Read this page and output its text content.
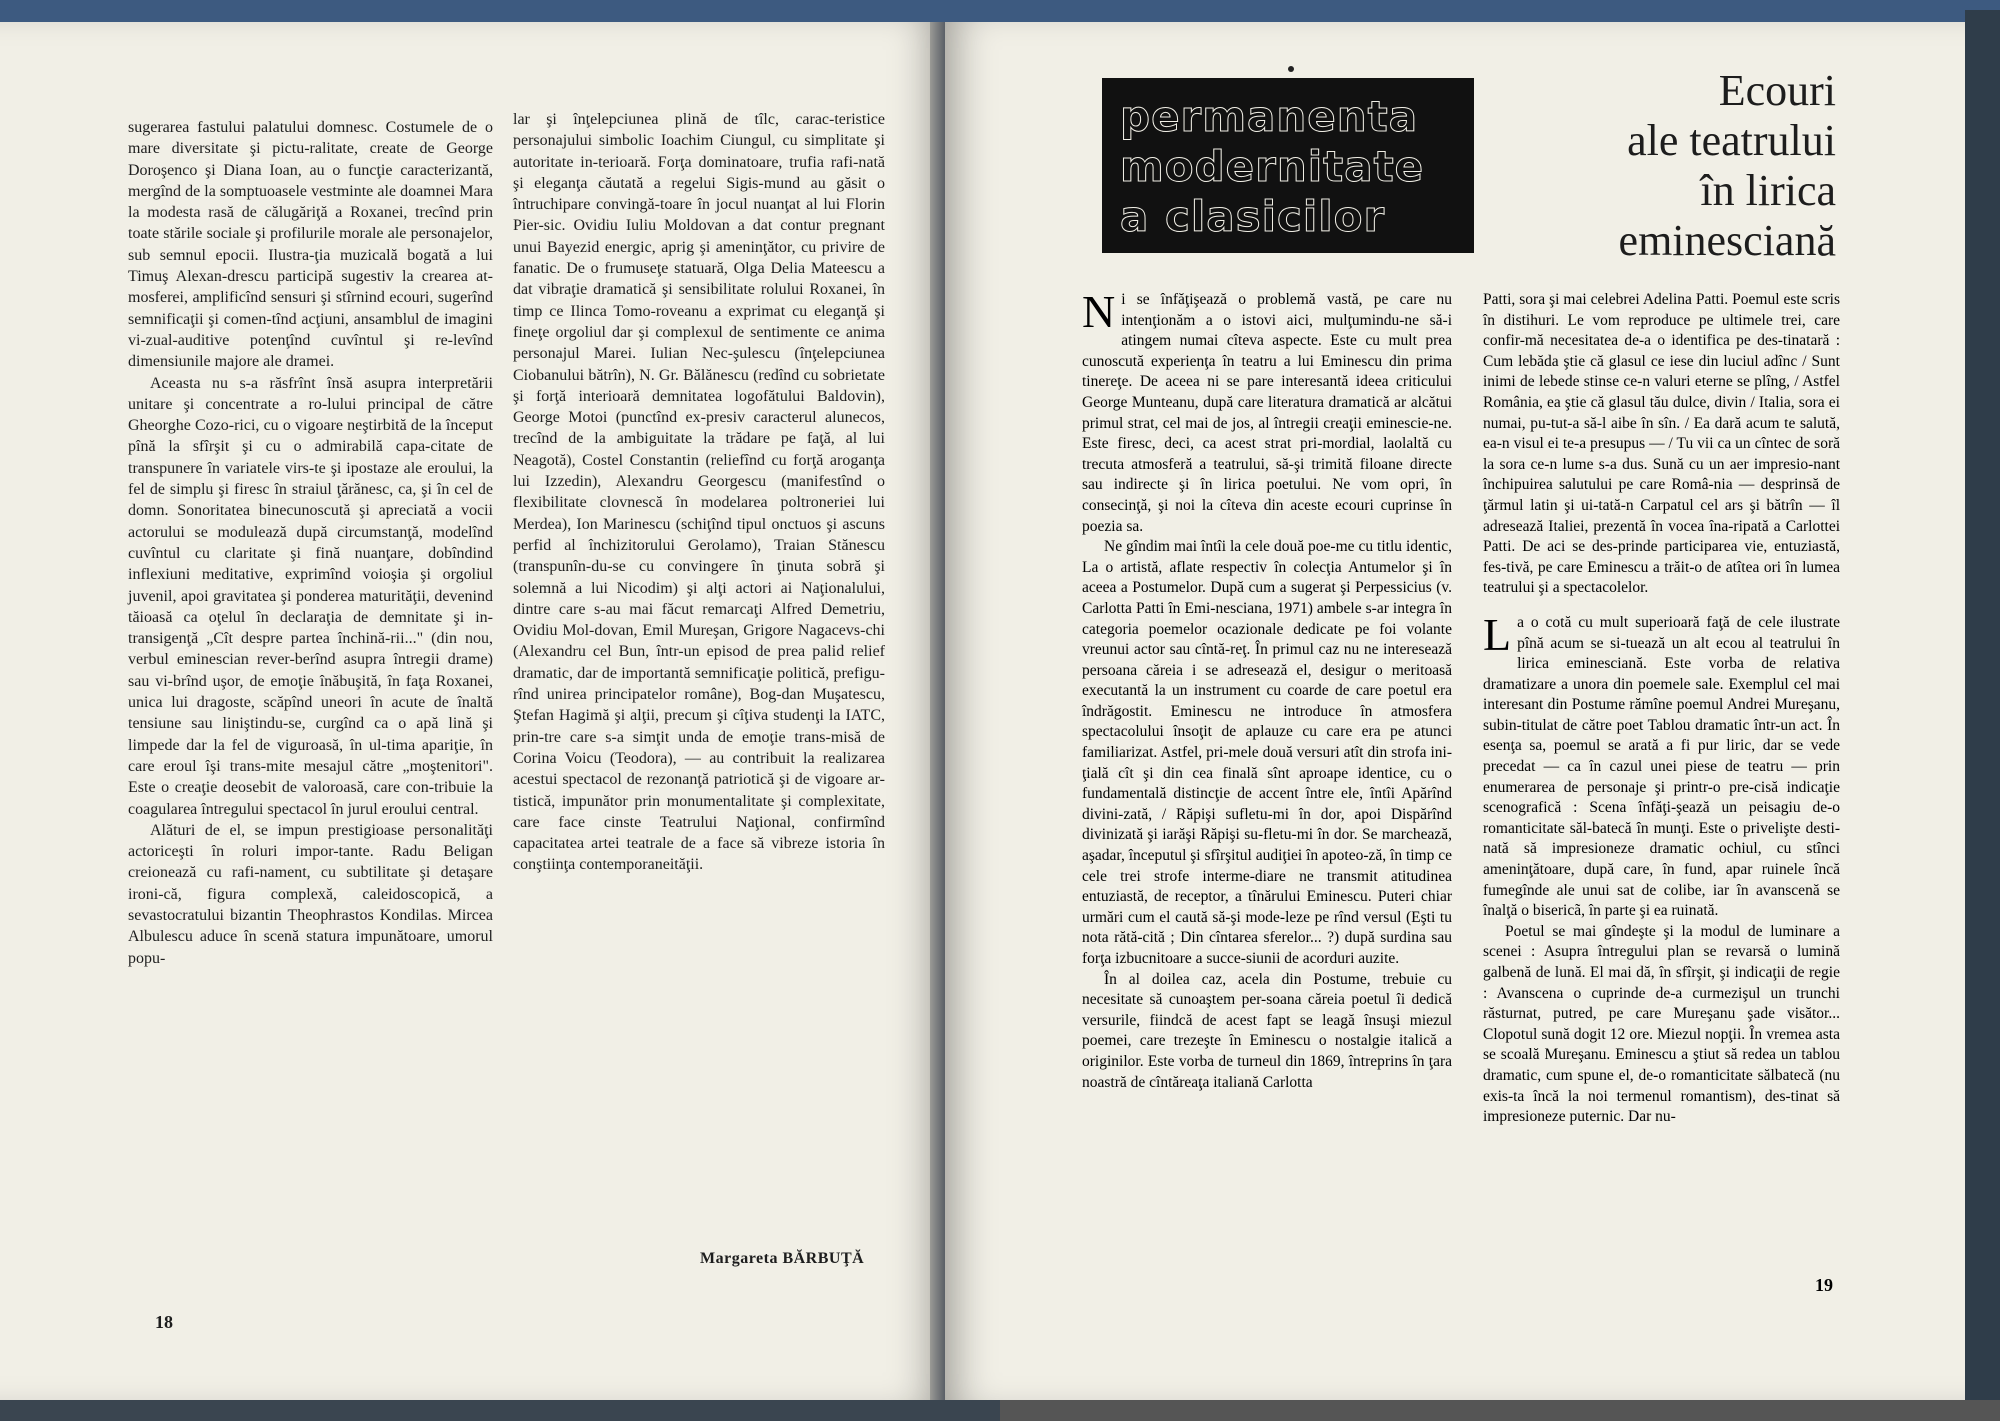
sugerarea fastului palatului domnesc. Costumele de o mare diversitate şi pictu-ralitate, create de George Doroşenco şi Diana Ioan, au o funcţie caracterizantă, mergînd de la somptuoasele vestminte ale doamnei Mara la modesta rasă de călugăriţă a Roxanei, trecînd prin toate stările sociale şi profilurile morale ale personajelor, sub semnul epocii. Ilustra-ţia muzicală bogată a lui Timuş Alexan-drescu participă sugestiv la crearea at-mosferei, amplificînd sensuri şi stîrnind ecouri, sugerînd semnificaţii şi comen-tînd acţiuni, ansamblul de imagini vi-zual-auditive potenţînd cuvîntul şi re-levînd dimensiunile majore ale dramei.

Aceasta nu s-a răsfrînt însă asupra interpretării unitare şi concentrate a ro-lului principal de către Gheorghe Cozo-rici, cu o vigoare neştirbită de la început pînă la sfîrşit şi cu o admirabilă capa-citate de transpunere în variatele virs-te şi ipostaze ale eroului, la fel de simplu şi firesc în straiul ţărănesc, ca, şi în cel de domn. Sonoritatea binecunoscută şi apreciată a vocii actorului se modulează după circumstanţă, modelînd cuvîntul cu claritate şi fină nuanţare, dobîndind inflexiuni meditative, exprimînd voioşia şi orgoliul juvenil, apoi gravitatea şi ponderea maturităţii, devenind tăioasă ca oţelul în declaraţia de demnitate şi in-transigenţă „Cît despre partea închină-rii..." (din nou, verbul eminescian rever-berînd asupra întregii drame) sau vi-brînd uşor, de emoţie înăbuşită, în faţa Roxanei, unica lui dragoste, scăpînd uneori în acute de înaltă tensiune sau liniştindu-se, curgînd ca o apă lină şi limpede dar la fel de viguroasă, în ul-tima apariţie, în care eroul îşi trans-mite mesajul către „moştenitori". Este o creaţie deosebit de valoroasă, care con-tribuie la coagularea întregului spectacol în jurul eroului central.

Alături de el, se impun prestigioase personalităţi actoriceşti în roluri impor-tante. Radu Beligan creionează cu rafi-nament, cu subtilitate şi detaşare ironi-că, figura complexă, caleidoscopică, a sevastocratului bizantin Theophrastos Kondilas. Mircea Albulescu aduce în scenă statura impunătoare, umorul popu-

lar şi înţelepciunea plină de tîlc, carac-teristice personajului simbolic Ioachim Ciungul, cu simplitate şi autoritate in-terioară. Forţa dominatoare, trufia rafi-nată şi eleganţa căutată a regelui Sigis-mund au găsit o întruchipare convingă-toare în jocul nuanţat al lui Florin Pier-sic. Ovidiu Iuliu Moldovan a dat contur pregnant unui Bayezid energic, aprig şi ameninţător, cu privire de fanatic. De o frumuseţe statuară, Olga Delia Mateescu a dat vibraţie dramatică şi sensibilitate rolului Roxanei, în timp ce Ilinca Tomo-roveanu a exprimat cu eleganţă şi fineţe orgoliul dar şi complexul de sentimente ce anima personajul Marei. Iulian Nec-şulescu (înţelepciunea Ciobanului bătrîn), N. Gr. Bălănescu (redînd cu sobrietate şi forţă interioară demnitatea logofătului Baldovin), George Motoi (punctînd ex-presiv caracterul alunecos, trecînd de la ambiguitate la trădare pe faţă, al lui Neagotă), Costel Constantin (reliefînd cu forţă aroganţa lui Izzedin), Alexandru Georgescu (manifestînd o flexibilitate clovnescă în modelarea poltroneriei lui Merdea), Ion Marinescu (schiţînd tipul onctuos şi ascuns perfid al închizitorului Gerolamo), Traian Stănescu (transpunîn-du-se cu convingere în ţinuta sobră şi solemnă a lui Nicodim) şi alţi actori ai Naţionalului, dintre care s-au mai făcut remarcaţi Alfred Demetriu, Ovidiu Mol-dovan, Emil Mureşan, Grigore Nagacevs-chi (Alexandru cel Bun, într-un episod de prea palid relief dramatic, dar de importantă semnificaţie politică, prefigu-rînd unirea principatelor române), Bog-dan Muşatescu, Ştefan Hagimă şi alţii, precum şi cîţiva studenţi la IATC, prin-tre care s-a simţit unda de emoţie trans-misă de Corina Voicu (Teodora), — au contribuit la realizarea acestui spectacol de rezonanţă patriotică şi de vigoare ar-tistică, impunător prin monumentalitate şi complexitate, care face cinste Teatrului Naţional, confirmînd capacitatea artei teatrale de a face să vibreze istoria în conştiinţa contemporaneităţii.

Margareta BĂRBUŢĂ
18
permanenta
modernitate
a clasicilor
Ecouri
ale teatrului
în lirica
eminesciană

Ni se înfăţişează o problemă vastă, pe care nu intenţionăm a o istovi aici, mulţumindu-ne să-i atingem numai cîteva aspecte. Este cu mult prea cunoscută experienţa în teatru a lui Eminescu din prima tinereţe. De aceea ni se pare interesantă ideea criticului George Munteanu, după care literatura dramatică ar alcătui primul strat, cel mai de jos, al întregii creaţii eminescie-ne. Este firesc, deci, ca acest strat pri-mordial, laolaltă cu trecuta atmosferă a teatrului, să-şi trimită filoane directe sau indirecte şi în lirica poetului. Ne vom opri, în consecinţă, şi noi la cîteva din aceste ecouri cuprinse în poezia sa.

Ne gîndim mai întîi la cele două poe-me cu titlu identic, La o artistă, aflate respectiv în colecţia Antumelor şi în aceea a Postumelor. După cum a sugerat şi Perpessicius (v. Carlotta Patti în Emi-nesciana, 1971) ambele s-ar integra în categoria poemelor ocazionale dedicate pe foi volante vreunui actor sau cîntă-reţ. În primul caz nu ne interesează persoana căreia i se adresează el, desigur o meritoasă executantă la un instrument cu coarde de care poetul era îndrăgostit. Eminescu ne introduce în atmosfera spectacolului însoţit de aplauze cu care era pe atunci familiarizat. Astfel, pri-mele două versuri atît din strofa ini-ţială cît şi din cea finală sînt aproape identice, cu o fundamentală distincţie de accent între ele, întîi Apărînd divini-zată, / Răpişi sufletu-mi în dor, apoi Dispărînd divinizată şi iarăşi Răpişi su-fletu-mi în dor. Se marchează, aşadar, începutul şi sfîrşitul audiţiei în apoteo-ză, în timp ce cele trei strofe interme-diare ne transmit atitudinea entuziastă, de receptor, a tînărului Eminescu. Puteri chiar urmări cum el caută să-şi mode-leze pe rînd versul (Eşti tu nota rătă-cită ; Din cîntarea sferelor... ?) după surdina sau forţa izbucnitoare a succe-siunii de acorduri auzite.

În al doilea caz, acela din Postume, trebuie cu necesitate să cunoaştem per-soana căreia poetul îi dedică versurile, fiindcă de acest fapt se leagă însuşi miezul poemei, care trezeşte în Eminescu o nostalgie italică a originilor. Este vorba de turneul din 1869, întreprins în ţara noastră de cîntăreaţa italiană Carlotta

Patti, sora şi mai celebrei Adelina Patti. Poemul este scris în distihuri. Le vom reproduce pe ultimele trei, care confir-mă necesitatea de-a o identifica pe des-tinatară : Cum lebăda ştie că glasul ce iese din luciul adînc / Sunt inimi de lebede stinse ce-n valuri eterne se plîng, / Astfel România, ea ştie că glasul tău dulce, divin / Italia, sora ei numai, pu-tut-a să-l aibe în sîn. / Ea dară acum te salută, ea-n visul ei te-a presupus — / Tu vii ca un cîntec de soră la sora ce-n lume s-a dus. Sună cu un aer impresio-nant închipuirea salutului pe care Româ-nia — desprinsă de ţărmul latin şi ui-tată-n Carpatul cel ars şi bătrîn — îl adresează Italiei, prezentă în vocea îna-ripată a Carlottei Patti. De aci se des-prinde participarea vie, entuziastă, fes-tivă, pe care Eminescu a trăit-o de atîtea ori în lumea teatrului şi a spectacolelor.

La o cotă cu mult superioară faţă de cele ilustrate pînă acum se si-tuează un alt ecou al teatrului în lirica eminesciană. Este vorba de relativa dramatizare a unora din poemele sale. Exemplul cel mai interesant din Postume rămîne poemul Andrei Mureşanu, subin-titulat de către poet Tablou dramatic într-un act. În esenţa sa, poemul se arată a fi pur liric, dar se vede precedat — ca în cazul unei piese de teatru — prin enumerarea de personaje şi printr-o pre-cisă indicaţie scenografică : Scena înfăţi-şează un peisagiu de-o romanticitate săl-batecă în munţi. Este o privelişte desti-nată să impresioneze dramatic ochiul, cu stînci ameninţătoare, după care, în fund, apar ruinele încă fumegînde ale unui sat de colibe, iar în avanscenă se înalţă o bisericã, în parte şi ea ruinată.

Poetul se mai gîndeşte şi la modul de luminare a scenei : Asupra întregului plan se revarsă o lumină galbenă de lună. El mai dă, în sfîrşit, şi indicaţii de regie : Avanscena o cuprinde de-a curmezişul un trunchi răsturnat, putred, pe care Mureşanu şade visător... Clopotul sună dogit 12 ore. Miezul nopţii. În vremea asta se scoală Mureşanu. Eminescu a ştiut să redea un tablou dramatic, cum spune el, de-o romanticitate sălbatecă (nu exis-ta încă la noi termenul romantism), des-tinat să impresioneze puternic. Dar nu-

19
